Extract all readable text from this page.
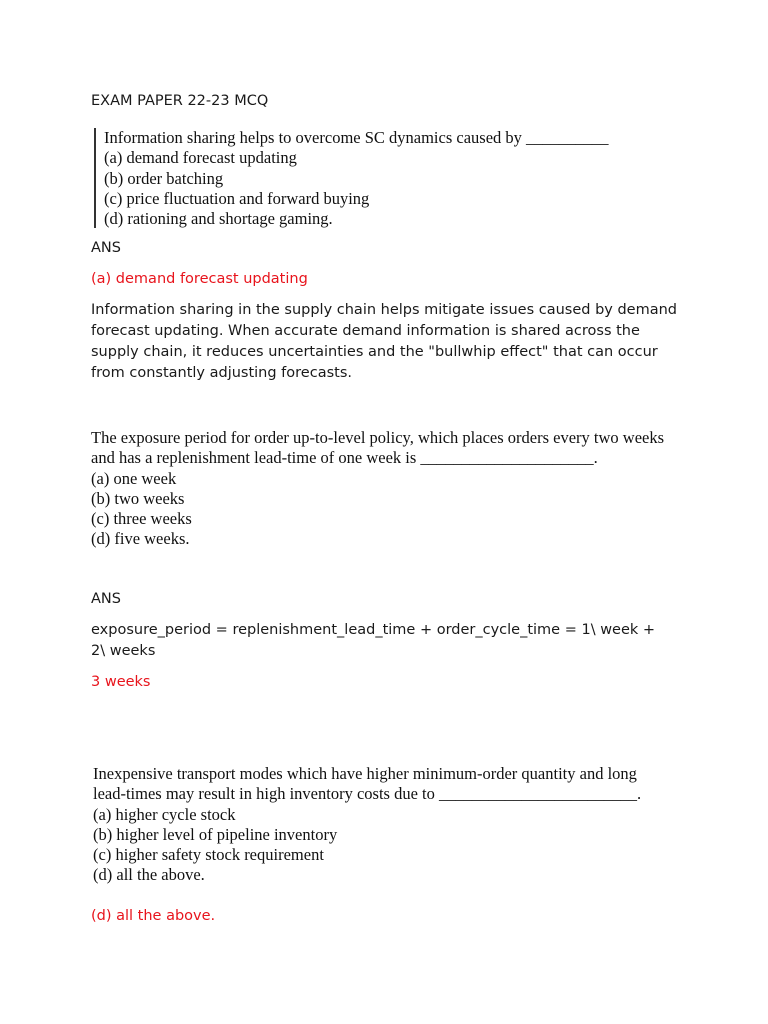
EXAM PAPER 22-23 MCQ

Information sharing helps to overcome SC dynamics caused by __________
(a) demand forecast updating
(b) order batching
(c) price fluctuation and forward buying
(d) rationing and shortage gaming.

ANS

(a) demand forecast updating

Information sharing in the supply chain helps mitigate issues caused by demand forecast updating. When accurate demand information is shared across the supply chain, it reduces uncertainties and the "bullwhip effect" that can occur from constantly adjusting forecasts.

The exposure period for order up-to-level policy, which places orders every two weeks
and has a replenishment lead-time of one week is _____________________.
(a) one week
(b) two weeks
(c) three weeks
(d) five weeks.

ANS

exposure_period = replenishment_lead_time + order_cycle_time = 1\ week +

2\ weeks

3 weeks

Inexpensive transport modes which have higher minimum-order quantity and long
lead-times may result in high inventory costs due to ________________________.
(a) higher cycle stock
(b) higher level of pipeline inventory
(c) higher safety stock requirement
(d) all the above.

(d) all the above.
